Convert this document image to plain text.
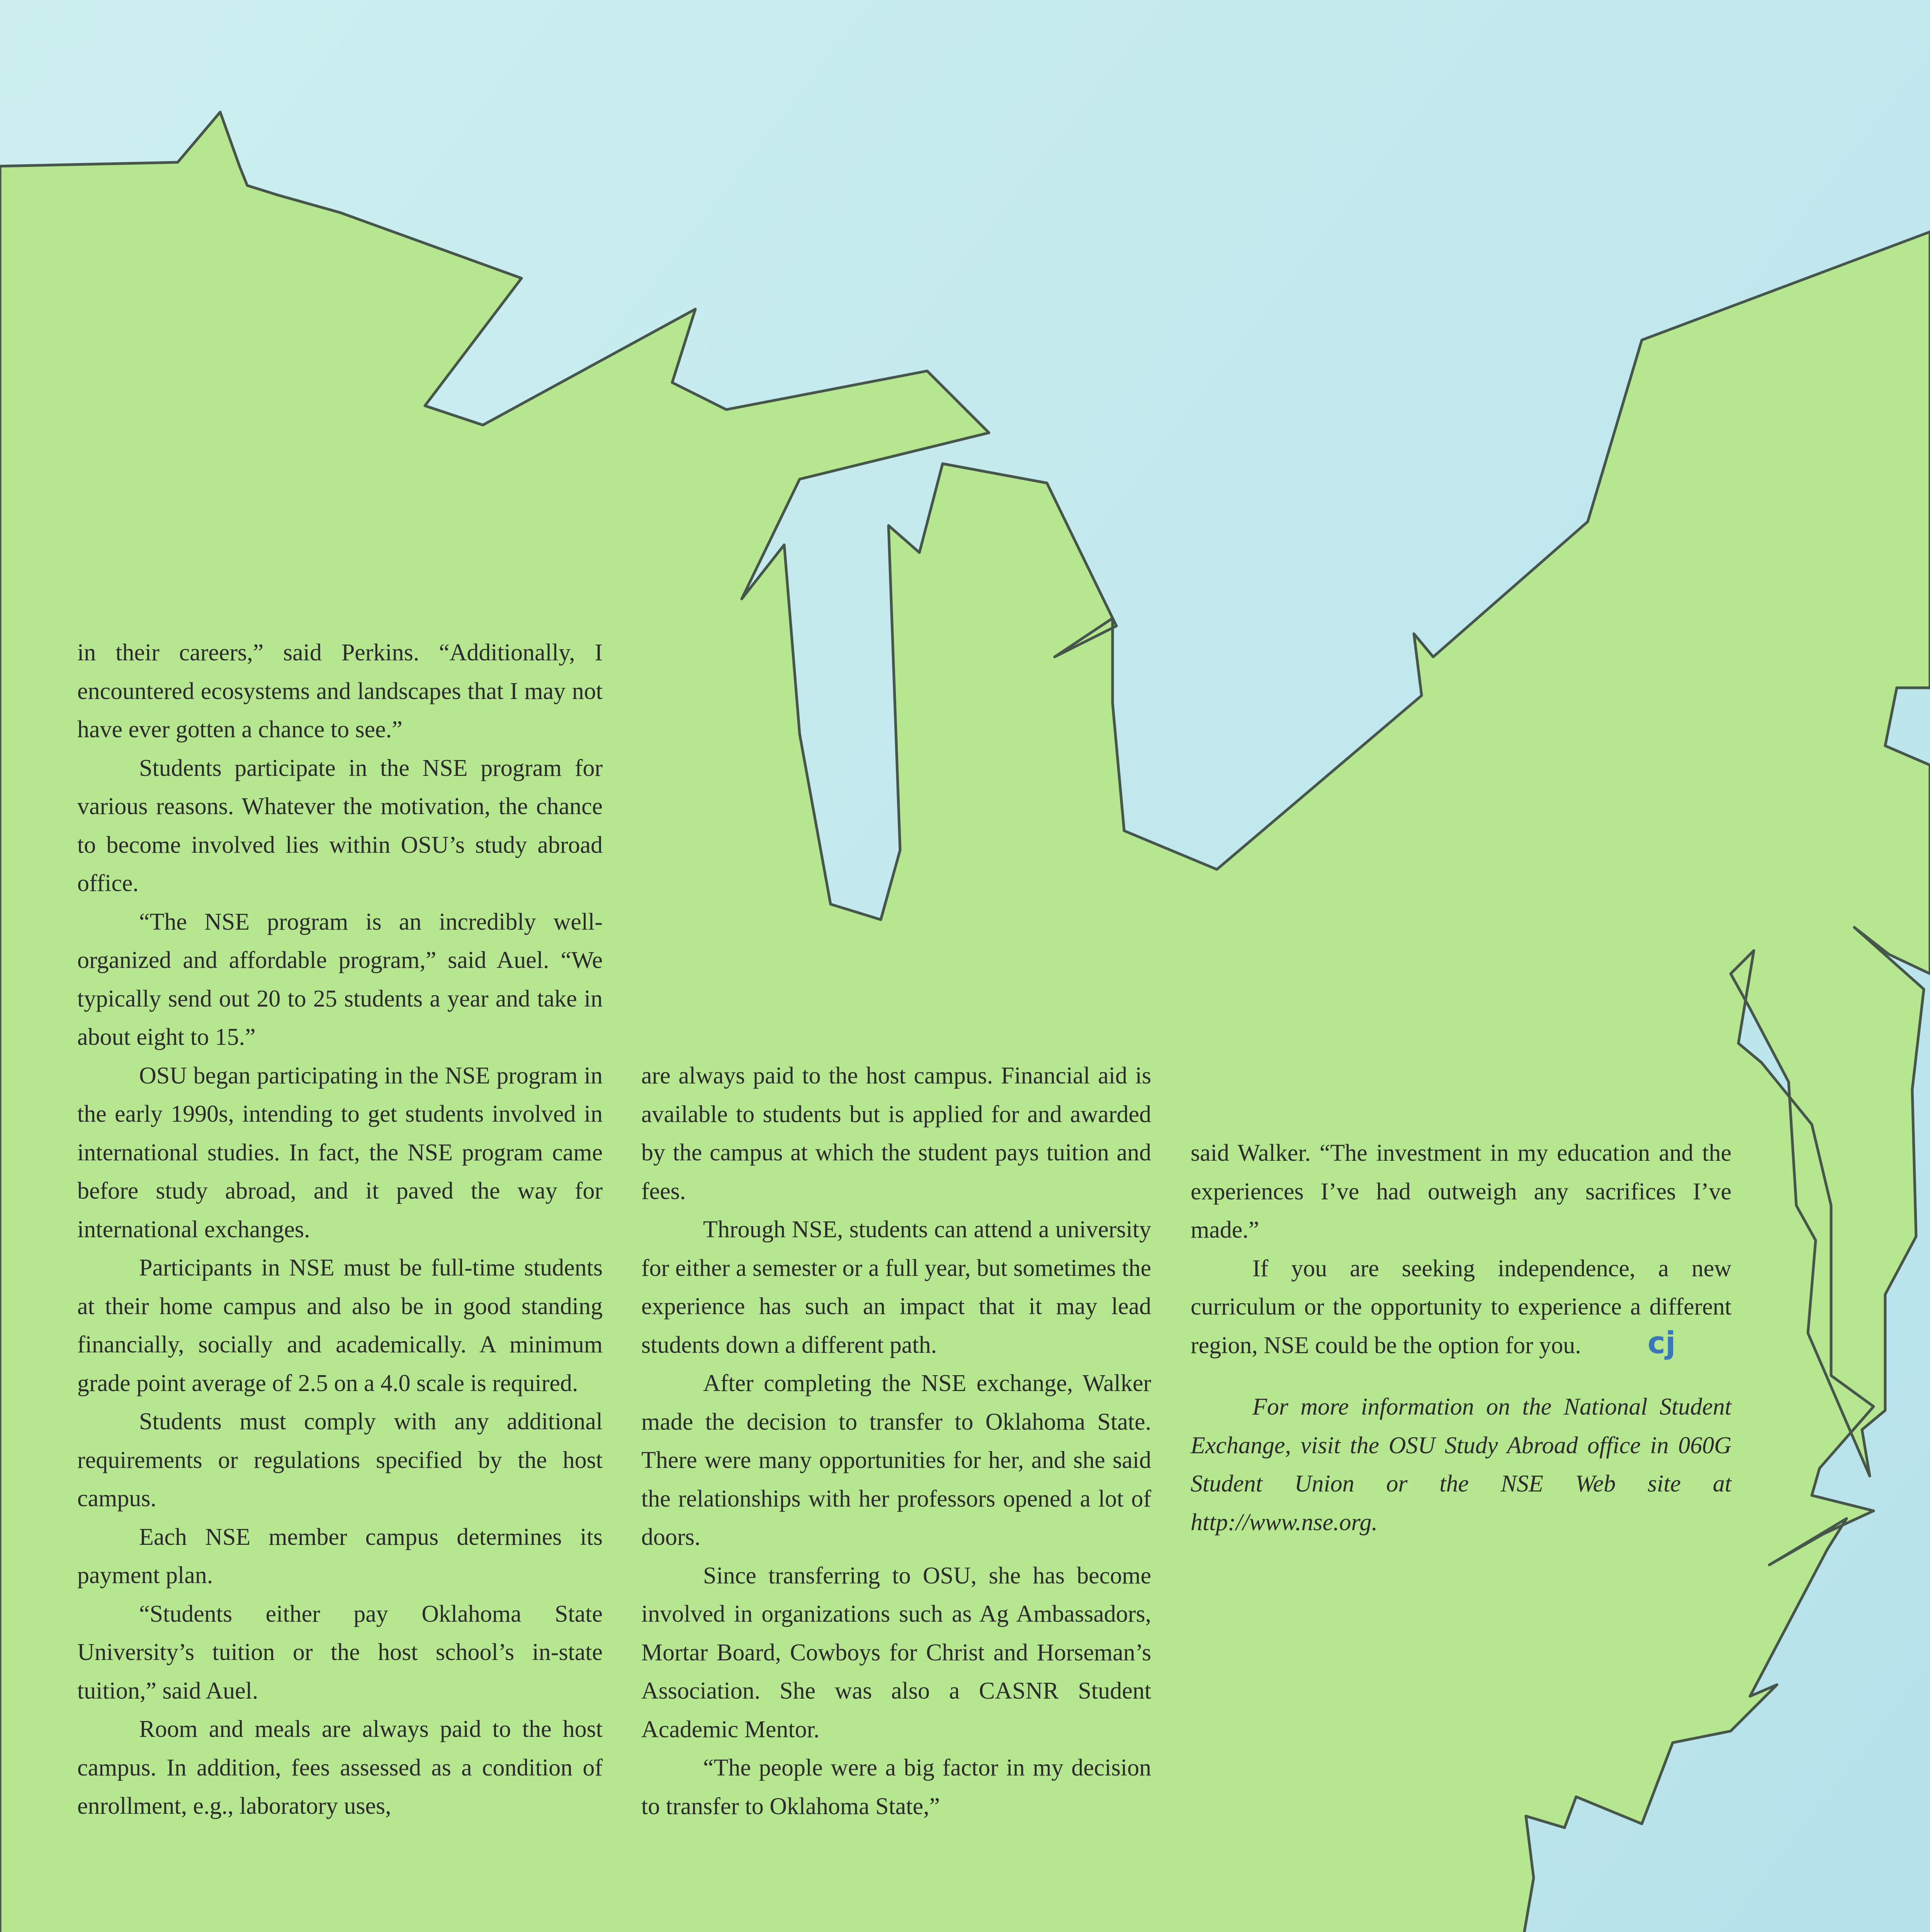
in their careers,” said Perkins. “Additionally, I encountered ecosystems and landscapes that I may not have ever gotten a chance to see.”

Students participate in the NSE program for various reasons. Whatever the motivation, the chance to become involved lies within OSU’s study abroad office.

“The NSE program is an incredibly well-organized and affordable program,” said Auel. “We typically send out 20 to 25 students a year and take in about eight to 15.”

OSU began participating in the NSE program in the early 1990s, intending to get students involved in international studies. In fact, the NSE program came before study abroad, and it paved the way for international exchanges.

Participants in NSE must be full-time students at their home campus and also be in good standing financially, socially and academically. A minimum grade point average of 2.5 on a 4.0 scale is required.

Students must comply with any additional requirements or regulations specified by the host campus.

Each NSE member campus determines its payment plan.

“Students either pay Oklahoma State University’s tuition or the host school’s in-state tuition,” said Auel.

Room and meals are always paid to the host campus. In addition, fees assessed as a condition of enrollment, e.g., laboratory uses,

are always paid to the host campus. Financial aid is available to students but is applied for and awarded by the campus at which the student pays tuition and fees.

Through NSE, students can attend a university for either a semester or a full year, but sometimes the experience has such an impact that it may lead students down a different path.

After completing the NSE exchange, Walker made the decision to transfer to Oklahoma State. There were many opportunities for her, and she said the relationships with her professors opened a lot of doors.

Since transferring to OSU, she has become involved in organizations such as Ag Ambassadors, Mortar Board, Cowboys for Christ and Horseman’s Association. She was also a CASNR Student Academic Mentor.

“The people were a big factor in my decision to transfer to Oklahoma State,”

said Walker. “The investment in my education and the experiences I’ve had outweigh any sacrifices I’ve made.”

If you are seeking independence, a new curriculum or the opportunity to experience a different region, NSE could be the option for you. cj

For more information on the National Student Exchange, visit the OSU Study Abroad office in 060G Student Union or the NSE Web site at http://www.nse.org.
